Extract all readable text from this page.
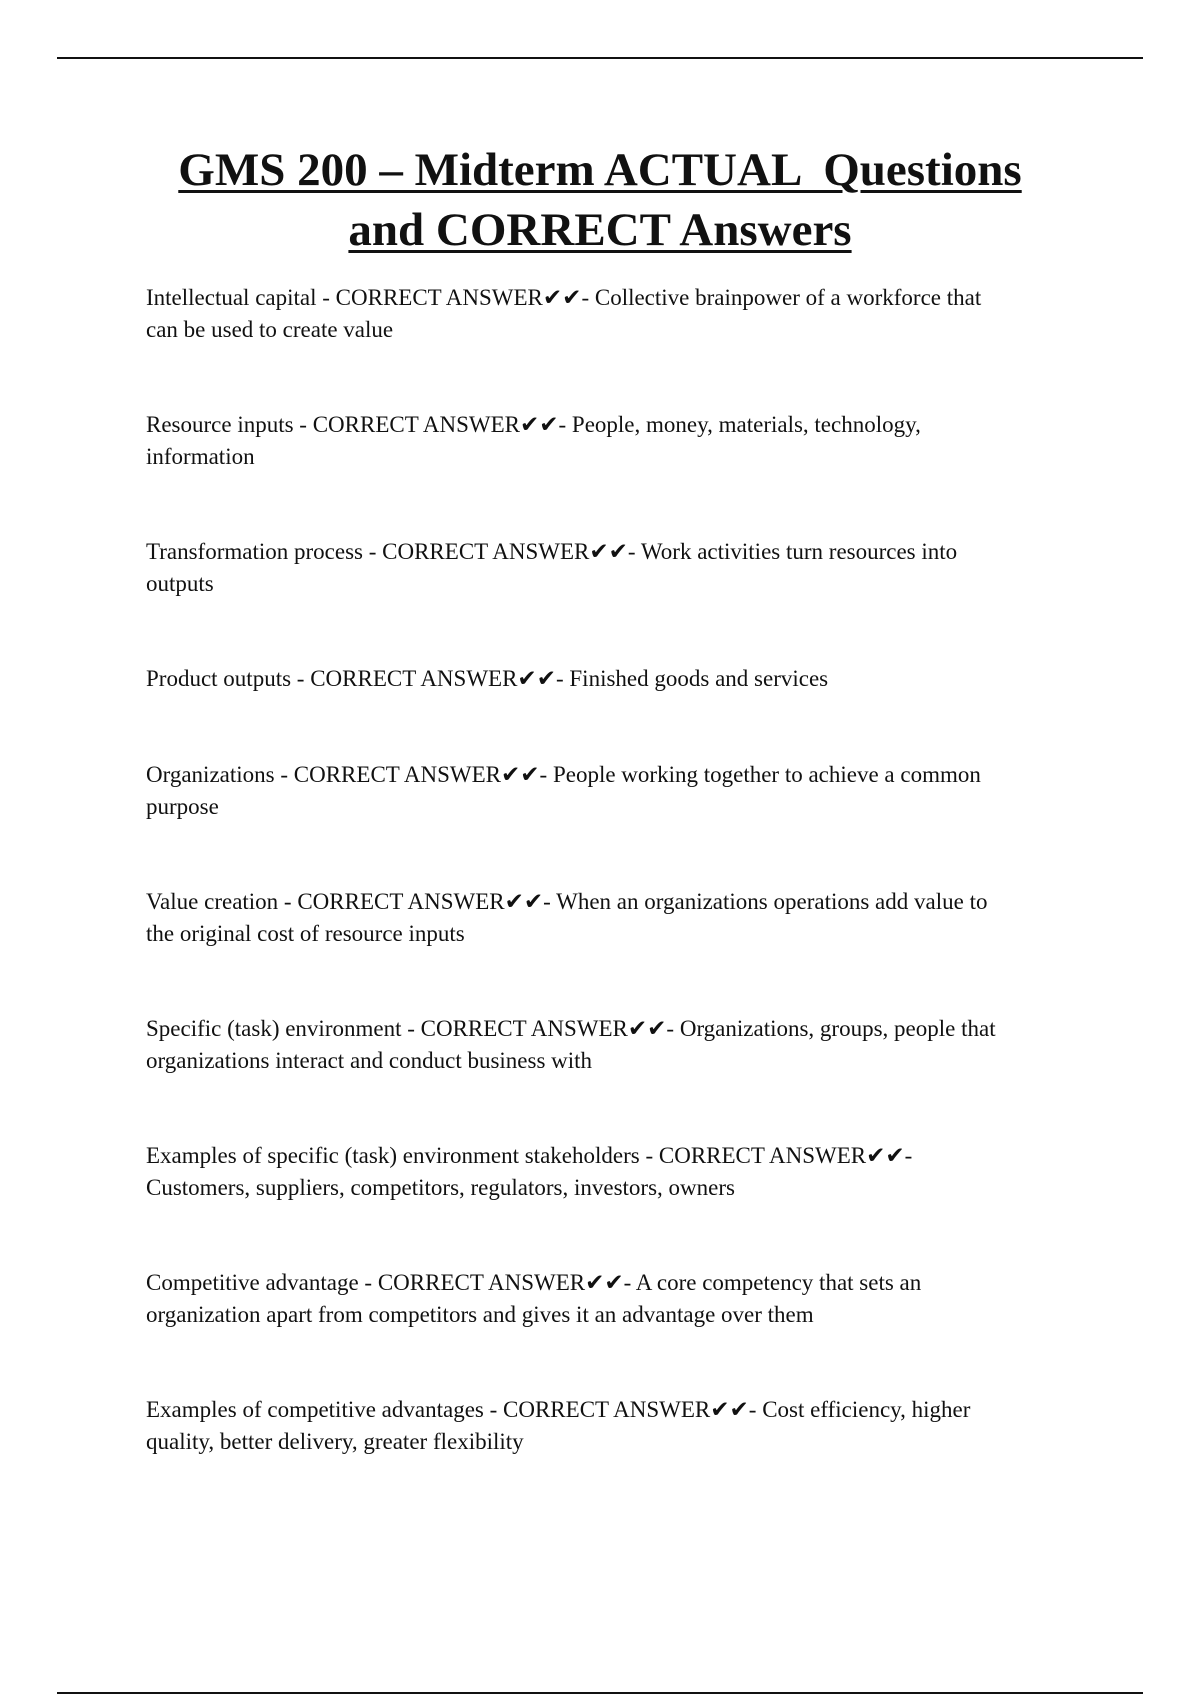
GMS 200 – Midterm ACTUAL  Questions
and CORRECT Answers
Intellectual capital - CORRECT ANSWER✔✔- Collective brainpower of a workforce that
can be used to create value
Resource inputs - CORRECT ANSWER✔✔- People, money, materials, technology,
information
Transformation process - CORRECT ANSWER✔✔- Work activities turn resources into
outputs
Product outputs - CORRECT ANSWER✔✔- Finished goods and services
Organizations - CORRECT ANSWER✔✔- People working together to achieve a common
purpose
Value creation - CORRECT ANSWER✔✔- When an organizations operations add value to
the original cost of resource inputs
Specific (task) environment - CORRECT ANSWER✔✔- Organizations, groups, people that
organizations interact and conduct business with
Examples of specific (task) environment stakeholders - CORRECT ANSWER✔✔-
Customers, suppliers, competitors, regulators, investors, owners
Competitive advantage - CORRECT ANSWER✔✔- A core competency that sets an
organization apart from competitors and gives it an advantage over them
Examples of competitive advantages - CORRECT ANSWER✔✔- Cost efficiency, higher
quality, better delivery, greater flexibility
